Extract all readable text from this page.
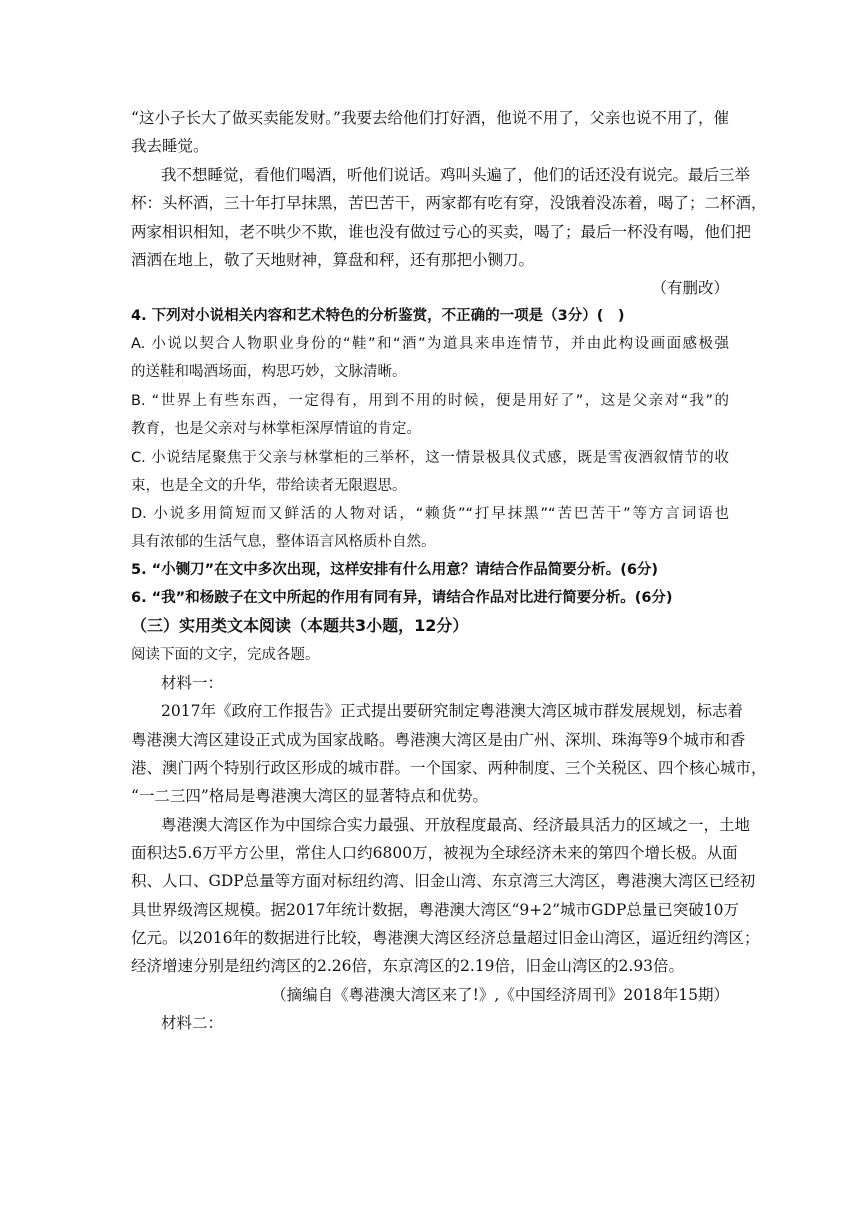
“这小子长大了做买卖能发财。”我要去给他们打好酒，他说不用了，父亲也说不用了，催
我去睡觉。
我不想睡觉，看他们喝酒，听他们说话。鸡叫头遍了，他们的话还没有说完。最后三举
杯：头杯酒，三十年打早抹黑，苦巴苦干，两家都有吃有穿，没饿着没冻着，喝了；二杯酒，
两家相识相知，老不哄少不欺，谁也没有做过亏心的买卖，喝了；最后一杯没有喝，他们把
酒洒在地上，敬了天地财神，算盘和秤，还有那把小铡刀。
（有删改）
4. 下列对小说相关内容和艺术特色的分析鉴赏，不正确的一项是（3分）(　)
A. 小说以契合人物职业身份的“鞋”和“酒”为道具来串连情节，并由此构设画面感极强
的送鞋和喝酒场面，构思巧妙，文脉清晰。
B. “世界上有些东西，一定得有，用到不用的时候，便是用好了”，这是父亲对“我”的
教育，也是父亲对与林掌柜深厚情谊的肯定。
C. 小说结尾聚焦于父亲与林掌柜的三举杯，这一情景极具仪式感，既是雪夜酒叙情节的收
束，也是全文的升华，带给读者无限遐思。
D. 小说多用简短而又鲜活的人物对话，“赖货”“打早抹黑”“苦巴苦干”等方言词语也
具有浓郁的生活气息，整体语言风格质朴自然。
5. “小铡刀”在文中多次出现，这样安排有什么用意？请结合作品简要分析。(6分)
6. “我”和杨跛子在文中所起的作用有同有异，请结合作品对比进行简要分析。(6分)
（三）实用类文本阅读（本题共3小题，12分）
阅读下面的文字，完成各题。
材料一：
2017年《政府工作报告》正式提出要研究制定粤港澳大湾区城市群发展规划，标志着
粤港澳大湾区建设正式成为国家战略。粤港澳大湾区是由广州、深圳、珠海等9个城市和香
港、澳门两个特别行政区形成的城市群。一个国家、两种制度、三个关税区、四个核心城市，
“一二三四”格局是粤港澳大湾区的显著特点和优势。
粤港澳大湾区作为中国综合实力最强、开放程度最高、经济最具活力的区域之一，土地
面积达5.6万平方公里，常住人口约6800万，被视为全球经济未来的第四个增长极。从面
积、人口、GDP总量等方面对标纽约湾、旧金山湾、东京湾三大湾区，粤港澳大湾区已经初
具世界级湾区规模。据2017年统计数据，粤港澳大湾区“9+2”城市GDP总量已突破10万
亿元。以2016年的数据进行比较，粤港澳大湾区经济总量超过旧金山湾区，逼近纽约湾区；
经济增速分别是纽约湾区的2.26倍，东京湾区的2.19倍，旧金山湾区的2.93倍。
（摘编自《粤港澳大湾区来了!》,《中国经济周刊》2018年15期）
材料二：
